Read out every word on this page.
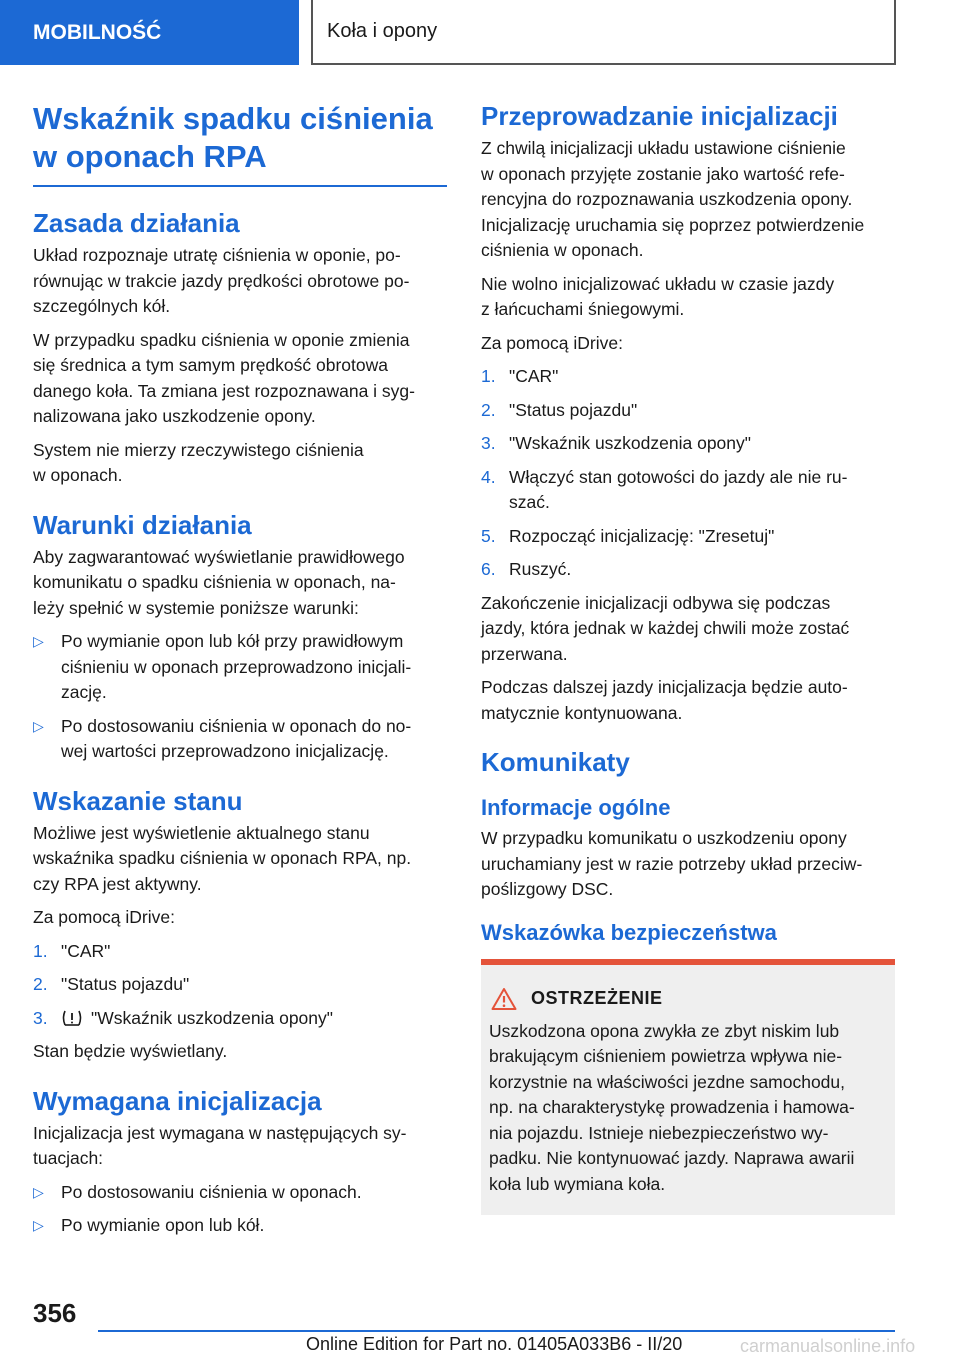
MOBILNOŚĆ	Koła i opony
Wskaźnik spadku ciśnienia
w oponach RPA
Zasada działania

Układ rozpoznaje utratę ciśnienia w oponie, po-
równując w trakcie jazdy prędkości obrotowe po-
szczególnych kół.

W przypadku spadku ciśnienia w oponie zmienia
się średnica a tym samym prędkość obrotowa
danego koła. Ta zmiana jest rozpoznawana i syg-
nalizowana jako uszkodzenie opony.

System nie mierzy rzeczywistego ciśnienia
w oponach.

Warunki działania

Aby zagwarantować wyświetlanie prawidłowego
komunikatu o spadku ciśnienia w oponach, na-
leży spełnić w systemie poniższe warunki:

▷ Po wymianie opon lub kół przy prawidłowym
ciśnieniu w oponach przeprowadzono inicjali-
zację.
▷ Po dostosowaniu ciśnienia w oponach do no-
wej wartości przeprowadzono inicjalizację.
Wskazanie stanu

Możliwe jest wyświetlenie aktualnego stanu
wskaźnika spadku ciśnienia w oponach RPA, np.
czy RPA jest aktywny.

Za pomocą iDrive:

1. "CAR"
2. "Status pojazdu"
3. "Wskaźnik uszkodzenia opony"

Stan będzie wyświetlany.

Wymagana inicjalizacja

Inicjalizacja jest wymagana w następujących sy-
tuacjach:

▷ Po dostosowaniu ciśnienia w oponach.
▷ Po wymianie opon lub kół.
Przeprowadzanie inicjalizacji

Z chwilą inicjalizacji układu ustawione ciśnienie
w oponach przyjęte zostanie jako wartość refe-
rencyjna do rozpoznawania uszkodzenia opony.
Inicjalizację uruchamia się poprzez potwierdzenie
ciśnienia w oponach.

Nie wolno inicjalizować układu w czasie jazdy
z łańcuchami śniegowymi.

Za pomocą iDrive:

1. "CAR"
2. "Status pojazdu"
3. "Wskaźnik uszkodzenia opony"
4. Włączyć stan gotowości do jazdy ale nie ru-
szać.
5. Rozpocząć inicjalizację: "Zresetuj"
6. Ruszyć.

Zakończenie inicjalizacji odbywa się podczas
jazdy, która jednak w każdej chwili może zostać
przerwana.

Podczas dalszej jazdy inicjalizacja będzie auto-
matycznie kontynuowana.

Komunikaty
Informacje ogólne

W przypadku komunikatu o uszkodzeniu opony
uruchamiany jest w razie potrzeby układ przeciw-
poślizgowy DSC.

Wskazówka bezpieczeństwa
OSTRZEŻENIE

Uszkodzona opona zwykła ze zbyt niskim lub
brakującym ciśnieniem powietrza wpływa nie-
korzystnie na właściwości jezdne samochodu,
np. na charakterystykę prowadzenia i hamowa-
nia pojazdu. Istnieje niebezpieczeństwo wy-
padku. Nie kontynuować jazdy. Naprawa awarii
koła lub wymiana koła.

356
Online Edition for Part no. 01405A033B6 - II/20	carmanualsonline.info
